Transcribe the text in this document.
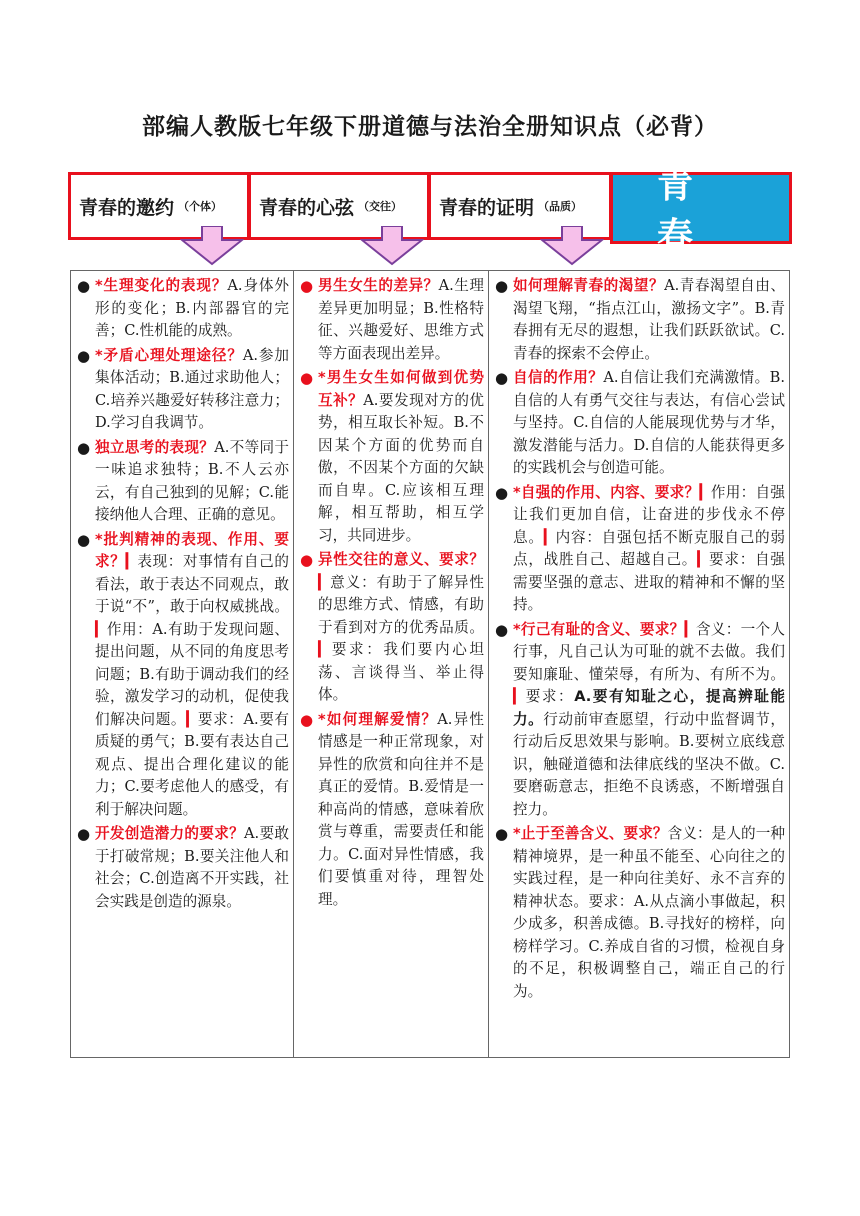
部编人教版七年级下册道德与法治全册知识点（必背）
青春的邀约 （个体） 青春的心弦 （交往） 青春的证明 （品质）
青春
● *生理变化的表现？A.身体外形的变化；B.内部器官的完善；C.性机能的成熟。
● *矛盾心理处理途径？A.参加集体活动；B.通过求助他人；C.培养兴趣爱好转移注意力；D.学习自我调节。
● 独立思考的表现？A.不等同于一味追求独特；B.不人云亦云，有自己独到的见解；C.能接纳他人合理、正确的意见。
● *批判精神的表现、作用、要求？▎表现：对事情有自己的看法，敢于表达不同观点，敢于说“不”，敢于向权威挑战。▎作用：A.有助于发现问题、提出问题，从不同的角度思考问题；B.有助于调动我们的经验，激发学习的动机，促使我们解决问题。▎要求：A.要有质疑的勇气；B.要有表达自己观点、提出合理化建议的能力；C.要考虑他人的感受，有利于解决问题。
● 开发创造潜力的要求？A.要敢于打破常规；B.要关注他人和社会；C.创造离不开实践，社会实践是创造的源泉。
● 男生女生的差异？A.生理差异更加明显；B.性格特征、兴趣爱好、思维方式等方面表现出差异。
● *男生女生如何做到优势互补？A.要发现对方的优势，相互取长补短。B.不因某个方面的优势而自傲，不因某个方面的欠缺而自卑。C.应该相互理解，相互帮助，相互学习，共同进步。
● 异性交往的意义、要求？▎意义：有助于了解异性的思维方式、情感，有助于看到对方的优秀品质。▎要求：我们要内心坦荡、言谈得当、举止得体。
● *如何理解爱情？A.异性情感是一种正常现象，对异性的欣赏和向往并不是真正的爱情。B.爱情是一种高尚的情感，意味着欣赏与尊重，需要责任和能力。C.面对异性情感，我们要慎重对待，理智处理。
● 如何理解青春的渴望？A.青春渴望自由、渴望飞翔，“指点江山，激扬文字”。B.青春拥有无尽的遐想，让我们跃跃欲试。C.青春的探索不会停止。
● 自信的作用？A.自信让我们充满激情。B.自信的人有勇气交往与表达，有信心尝试与坚持。C.自信的人能展现优势与才华，激发潜能与活力。D.自信的人能获得更多的实践机会与创造可能。
● *自强的作用、内容、要求？▎作用：自强让我们更加自信，让奋进的步伐永不停息。▎内容：自强包括不断克服自己的弱点，战胜自己、超越自己。▎要求：自强需要坚强的意志、进取的精神和不懈的坚持。
● *行己有耻的含义、要求？▎含义：一个人行事，凡自己认为可耻的就不去做。我们要知廉耻、懂荣辱，有所为、有所不为。▎要求：A.要有知耻之心，提高辨耻能力。行动前审查愿望，行动中监督调节，行动后反思效果与影响。B.要树立底线意识，触碰道德和法律底线的坚决不做。C.要磨砺意志，拒绝不良诱惑，不断增强自控力。
● *止于至善含义、要求？含义：是人的一种精神境界，是一种虽不能至、心向往之的实践过程，是一种向往美好、永不言弃的精神状态。要求：A.从点滴小事做起，积少成多，积善成德。B.寻找好的榜样，向榜样学习。C.养成自省的习惯，检视自身的不足，积极调整自己，端正自己的行为。
